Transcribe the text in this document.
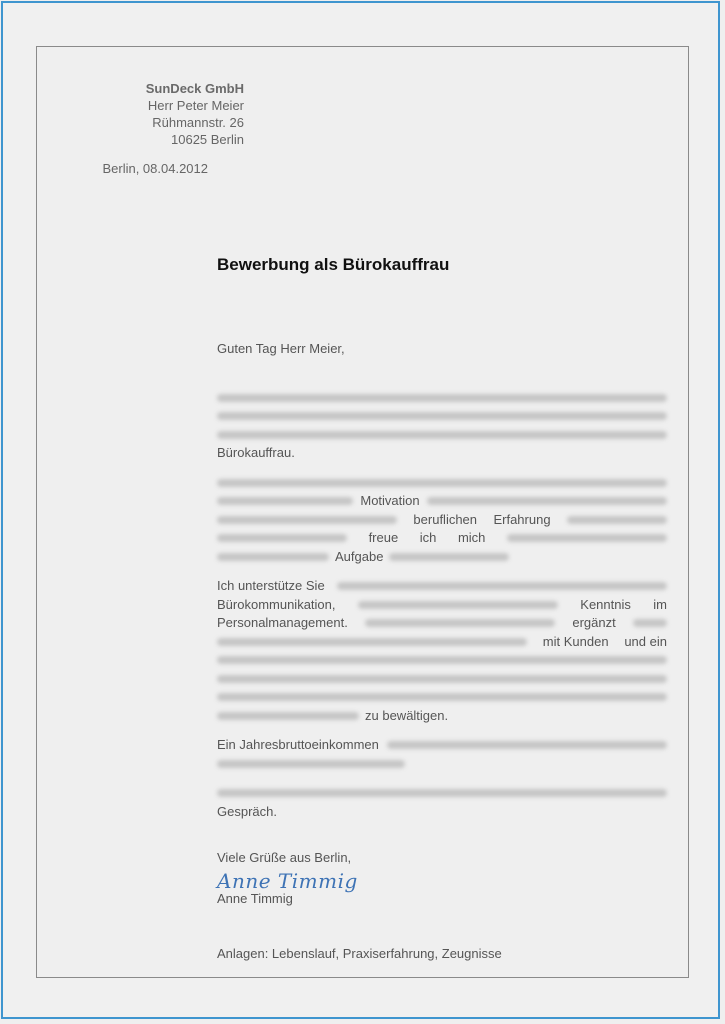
SunDeck GmbH
Herr Peter Meier
Rühmannstr. 26
10625 Berlin
Berlin, 08.04.2012
Bewerbung als Bürokauffrau
Guten Tag Herr Meier,
Bürokauffrau.
Motivation
beruflichen Erfahrung
freue ich mich
Aufgabe
Ich unterstütze Sie
Bürokommunikation,	Kenntnis im
Personalmanagement.	ergänzt
mit Kunden und ein
zu bewältigen.
Ein Jahresbruttoeinkommen
Gespräch.
Viele Grüße aus Berlin,
Anne Timmig
Anne Timmig
Anlagen: Lebenslauf, Praxiserfahrung, Zeugnisse
